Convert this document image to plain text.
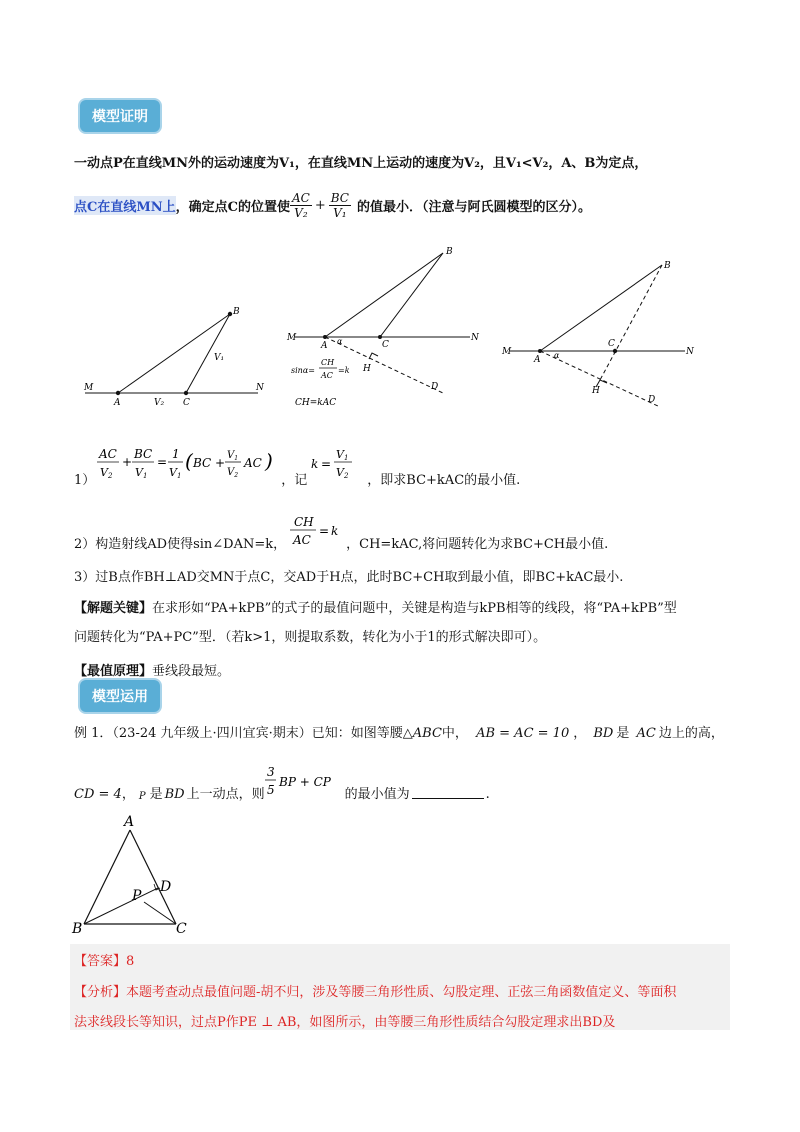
模型证明
一动点P在直线MN外的运动速度为V₁，在直线MN上运动的速度为V₂，且V₁<V₂，A、B为定点，
点C在直线MN上 ，确定点C的位置使 $\frac{AC}{\text{V₂}} + \frac{BC}{\text{V₁}}$ 的值最小．（注意与阿氏圆模型的区分）。
M	N
A	C
B
V₁
V₂
M	N
A	C
B
H
D
α
sinα=
CH
AC
=k
CH=kAC
M	N
A
C
B
H
D
α
1）
AC
V2
+
BC
V1
=
1
V1
( BC +
$V_1$
$V_2$
AC )
，记
k =
V1
V2 ，即求BC+kAC的最小值.
2）构造射线AD使得sin∠DAN=k，
CH
AC
= k
，CH=kAC,将问题转化为求BC+CH最小值.
3）过B点作BH⊥AD交MN于点C，交AD于H点，此时BC+CH取到最小值，即BC+kAC最小.
【解题关键】在求形如“PA+kPB”的式子的最值问题中，关键是构造与kPB相等的线段，将“PA+kPB”型
问题转化为“PA+PC”型．（若k>1，则提取系数，转化为小于1的形式解决即可）。
【最值原理】垂线段最短。
模型运用
例 1．（23-24 九年级上·四川宜宾·期末）已知：如图等腰△ABC中， AB = AC = 10 ， BD 是 AC 边上的高，
CD = 4 ， P 是 BD 上一动点，则
3
5
BP + CP
的最小值为	.
A
B	C
D
P
【答案】8
【分析】本题考查动点最值问题-胡不归，涉及等腰三角形性质、勾股定理、正弦三角函数值定义、等面积
法求线段长等知识，过点P作PE ⊥ AB，如图所示，由等腰三角形性质结合勾股定理求出BD及
